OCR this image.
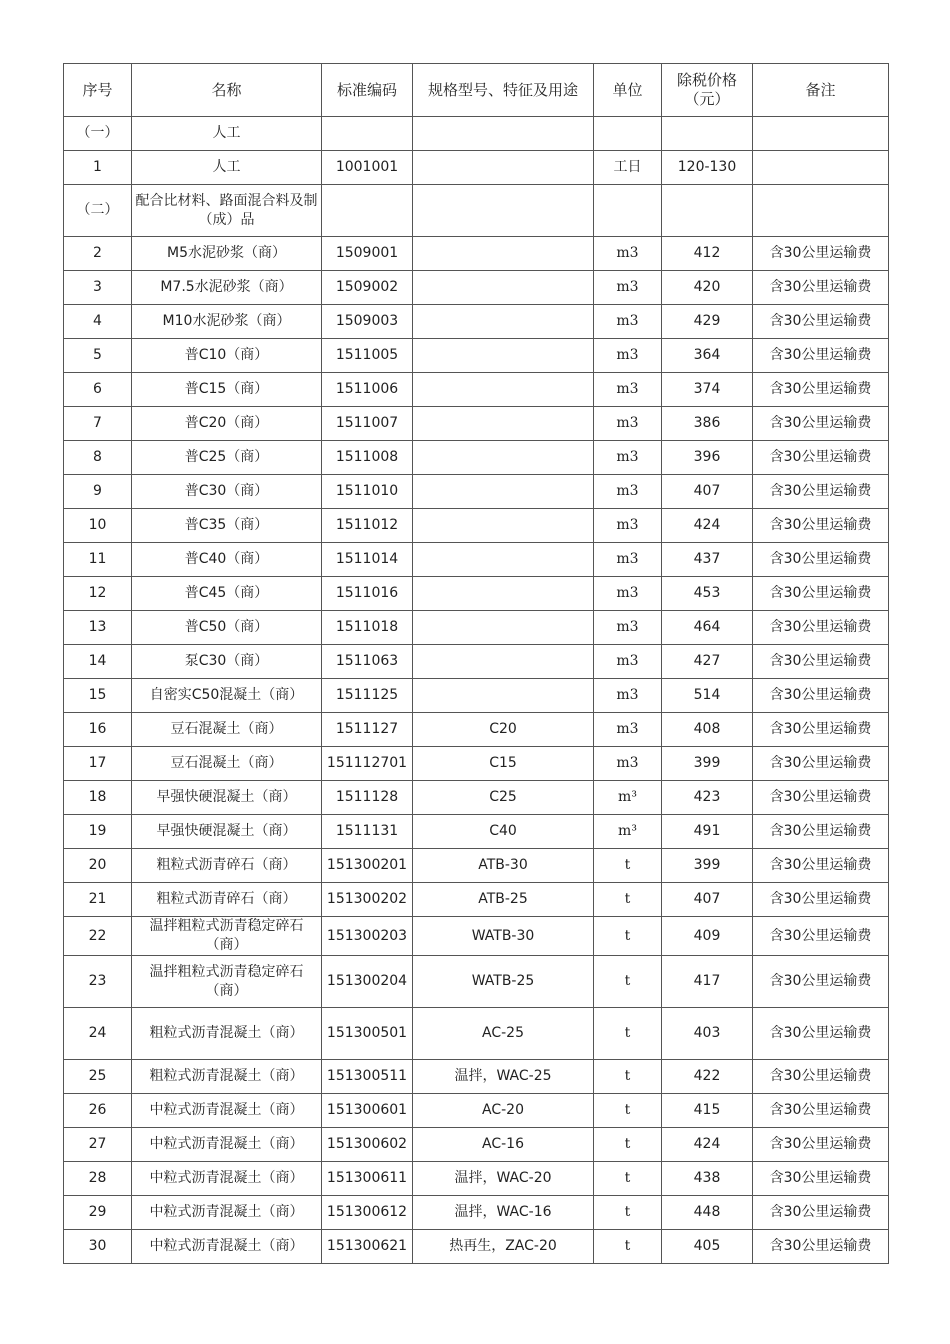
序号	名称	标准编码	规格型号、特征及用途	单位	除税价格（元）	备注
（一）	人工					
1	人工	1001001		工日	120-130	
（二）	配合比材料、路面混合料及制（成）品					
2	M5水泥砂浆（商）	1509001		m3	412	含30公里运输费
3	M7.5水泥砂浆（商）	1509002		m3	420	含30公里运输费
4	M10水泥砂浆（商）	1509003		m3	429	含30公里运输费
5	普C10（商）	1511005		m3	364	含30公里运输费
6	普C15（商）	1511006		m3	374	含30公里运输费
7	普C20（商）	1511007		m3	386	含30公里运输费
8	普C25（商）	1511008		m3	396	含30公里运输费
9	普C30（商）	1511010		m3	407	含30公里运输费
10	普C35（商）	1511012		m3	424	含30公里运输费
11	普C40（商）	1511014		m3	437	含30公里运输费
12	普C45（商）	1511016		m3	453	含30公里运输费
13	普C50（商）	1511018		m3	464	含30公里运输费
14	泵C30（商）	1511063		m3	427	含30公里运输费
15	自密实C50混凝土（商）	1511125		m3	514	含30公里运输费
16	豆石混凝土（商）	1511127	C20	m3	408	含30公里运输费
17	豆石混凝土（商）	151112701	C15	m3	399	含30公里运输费
18	早强快硬混凝土（商）	1511128	C25	m³	423	含30公里运输费
19	早强快硬混凝土（商）	1511131	C40	m³	491	含30公里运输费
20	粗粒式沥青碎石（商）	151300201	ATB-30	t	399	含30公里运输费
21	粗粒式沥青碎石（商）	151300202	ATB-25	t	407	含30公里运输费
22	温拌粗粒式沥青稳定碎石（商）	151300203	WATB-30	t	409	含30公里运输费
23	温拌粗粒式沥青稳定碎石（商）	151300204	WATB-25	t	417	含30公里运输费
24	粗粒式沥青混凝土（商）	151300501	AC-25	t	403	含30公里运输费
25	粗粒式沥青混凝土（商）	151300511	温拌，WAC-25	t	422	含30公里运输费
26	中粒式沥青混凝土（商）	151300601	AC-20	t	415	含30公里运输费
27	中粒式沥青混凝土（商）	151300602	AC-16	t	424	含30公里运输费
28	中粒式沥青混凝土（商）	151300611	温拌，WAC-20	t	438	含30公里运输费
29	中粒式沥青混凝土（商）	151300612	温拌，WAC-16	t	448	含30公里运输费
30	中粒式沥青混凝土（商）	151300621	热再生，ZAC-20	t	405	含30公里运输费
